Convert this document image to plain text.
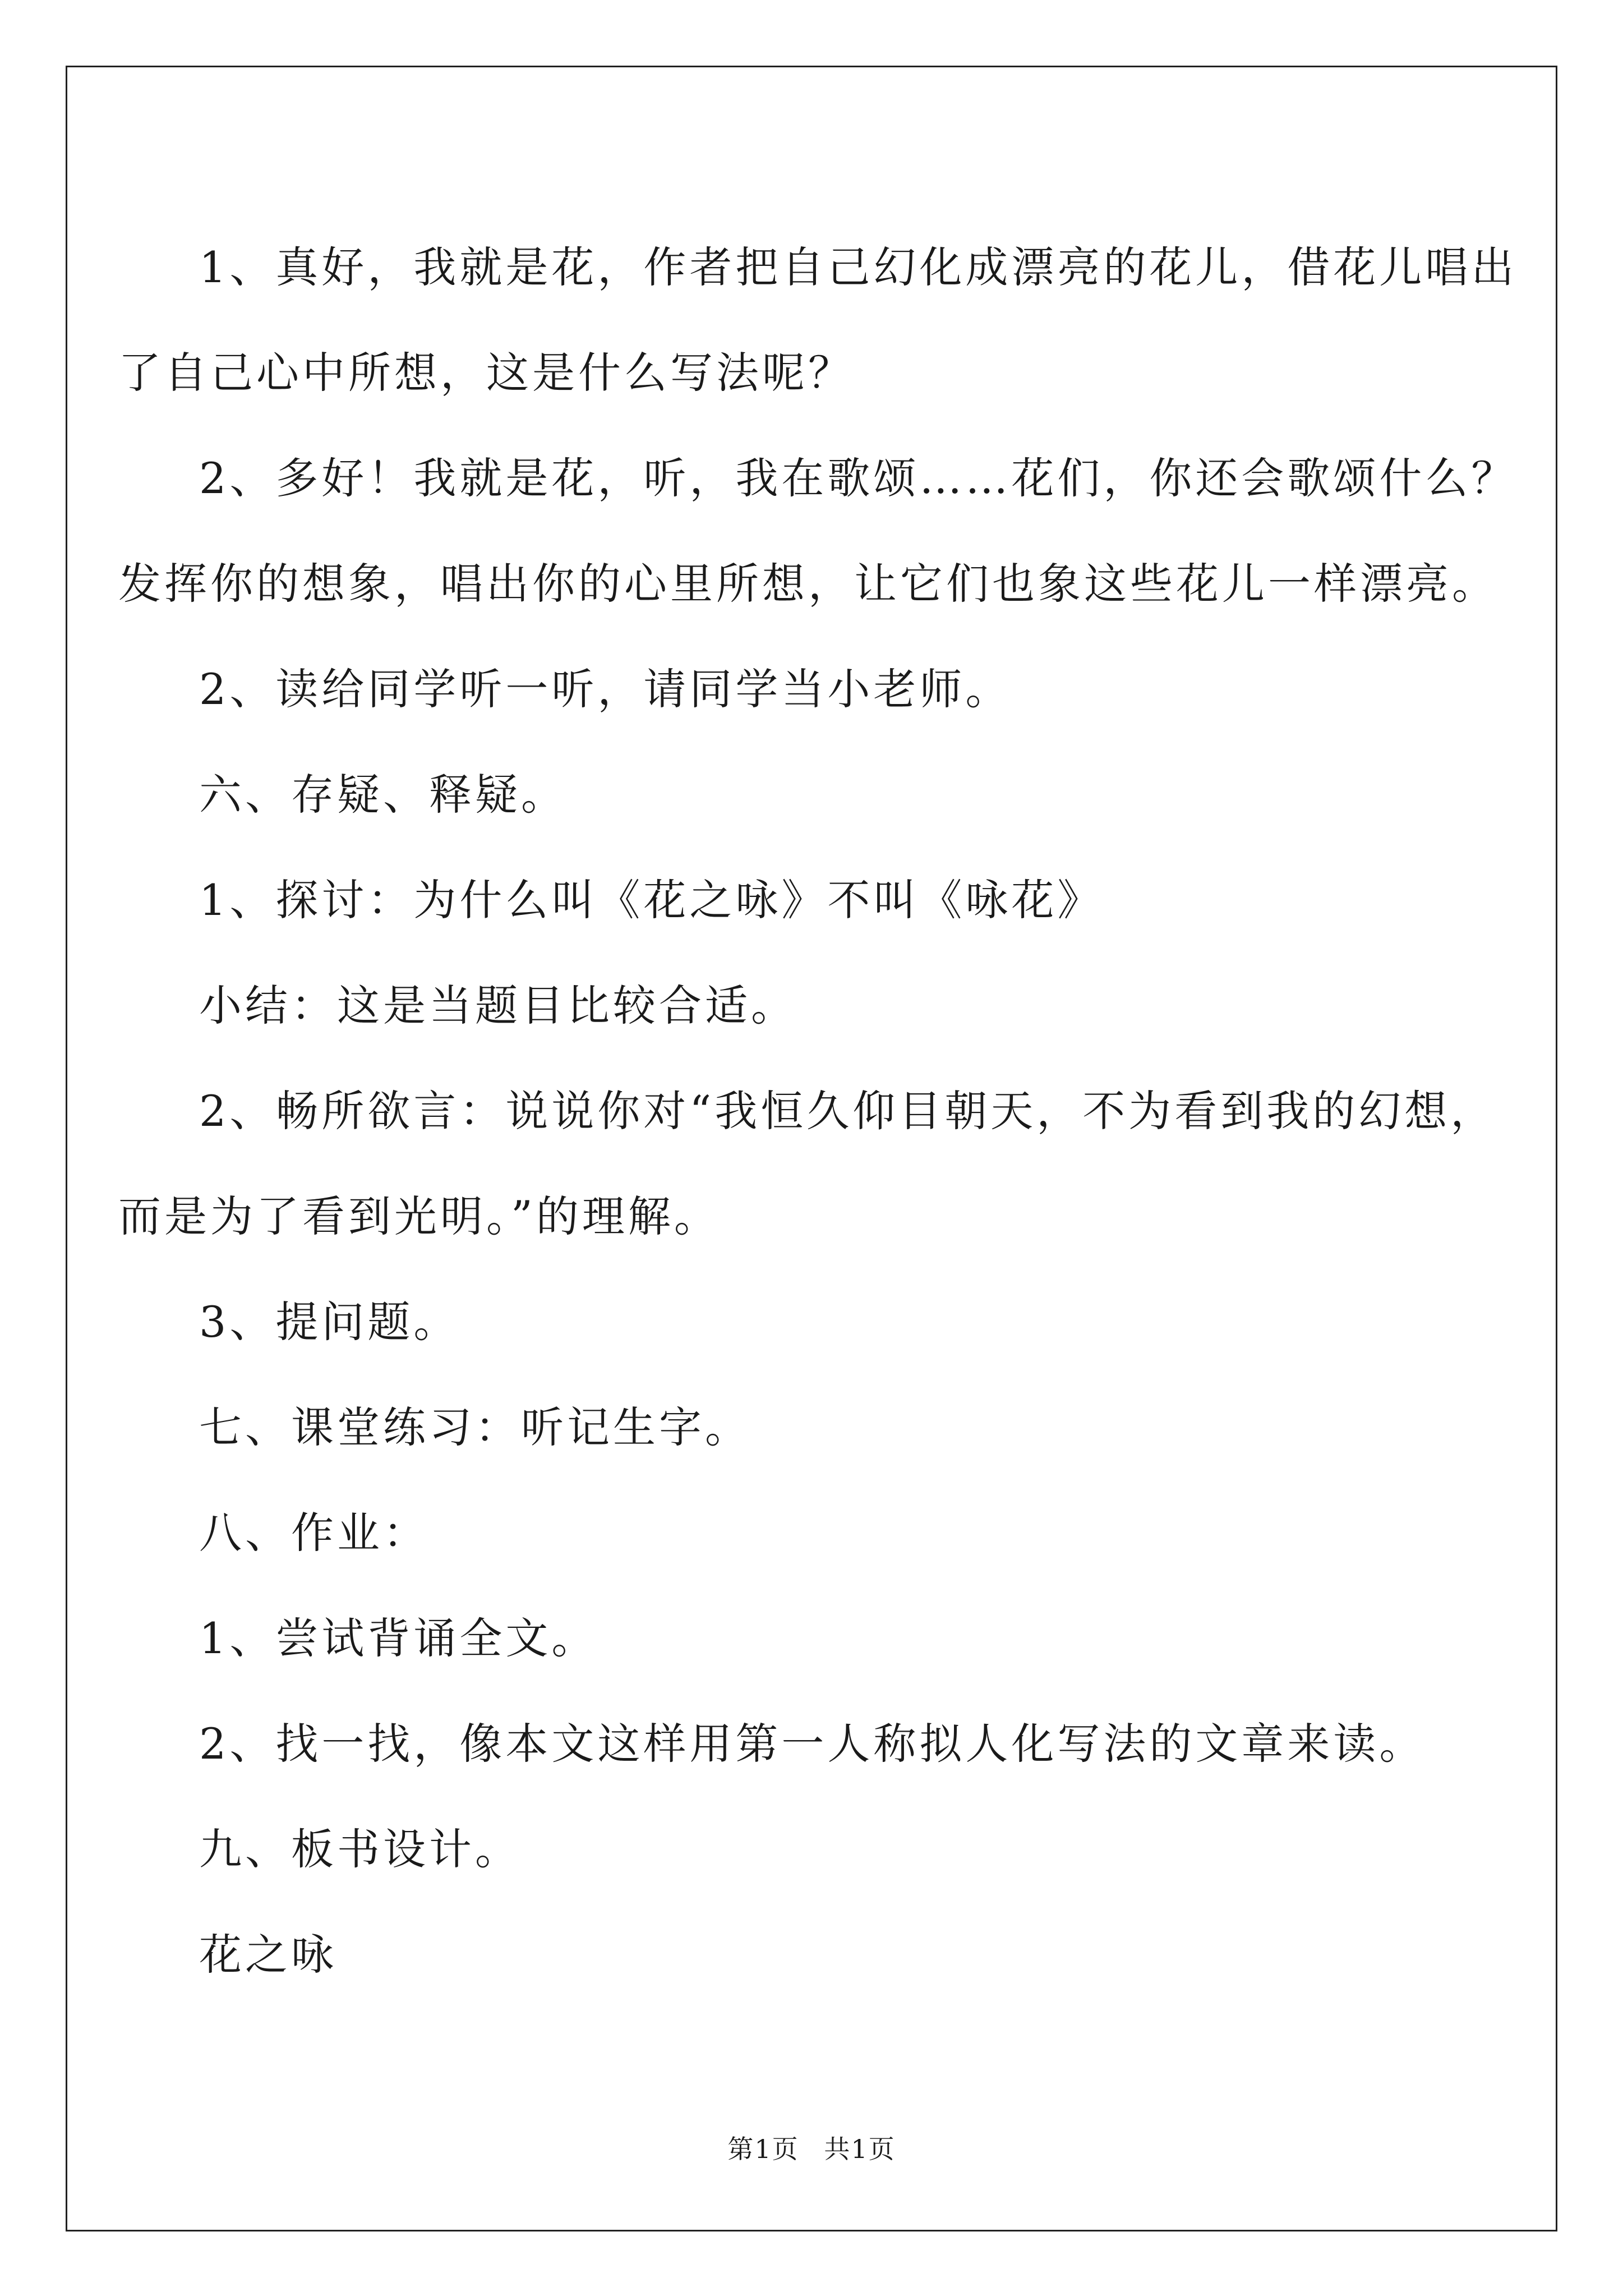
1、真好，我就是花，作者把自己幻化成漂亮的花儿，借花儿唱出

了自己心中所想，这是什么写法呢？

2、多好！我就是花，听，我在歌颂……花们，你还会歌颂什么？

发挥你的想象，唱出你的心里所想，让它们也象这些花儿一样漂亮。

2、读给同学听一听，请同学当小老师。

六、存疑、释疑。

1、探讨：为什么叫《花之咏》不叫《咏花》

小结：这是当题目比较合适。

2、畅所欲言：说说你对“我恒久仰目朝天，不为看到我的幻想，

而是为了看到光明。”的理解。

3、提问题。

七、课堂练习：听记生字。

八、作业：

1、尝试背诵全文。

2、找一找，像本文这样用第一人称拟人化写法的文章来读。

九、板书设计。

花之咏

第1页 共1页
